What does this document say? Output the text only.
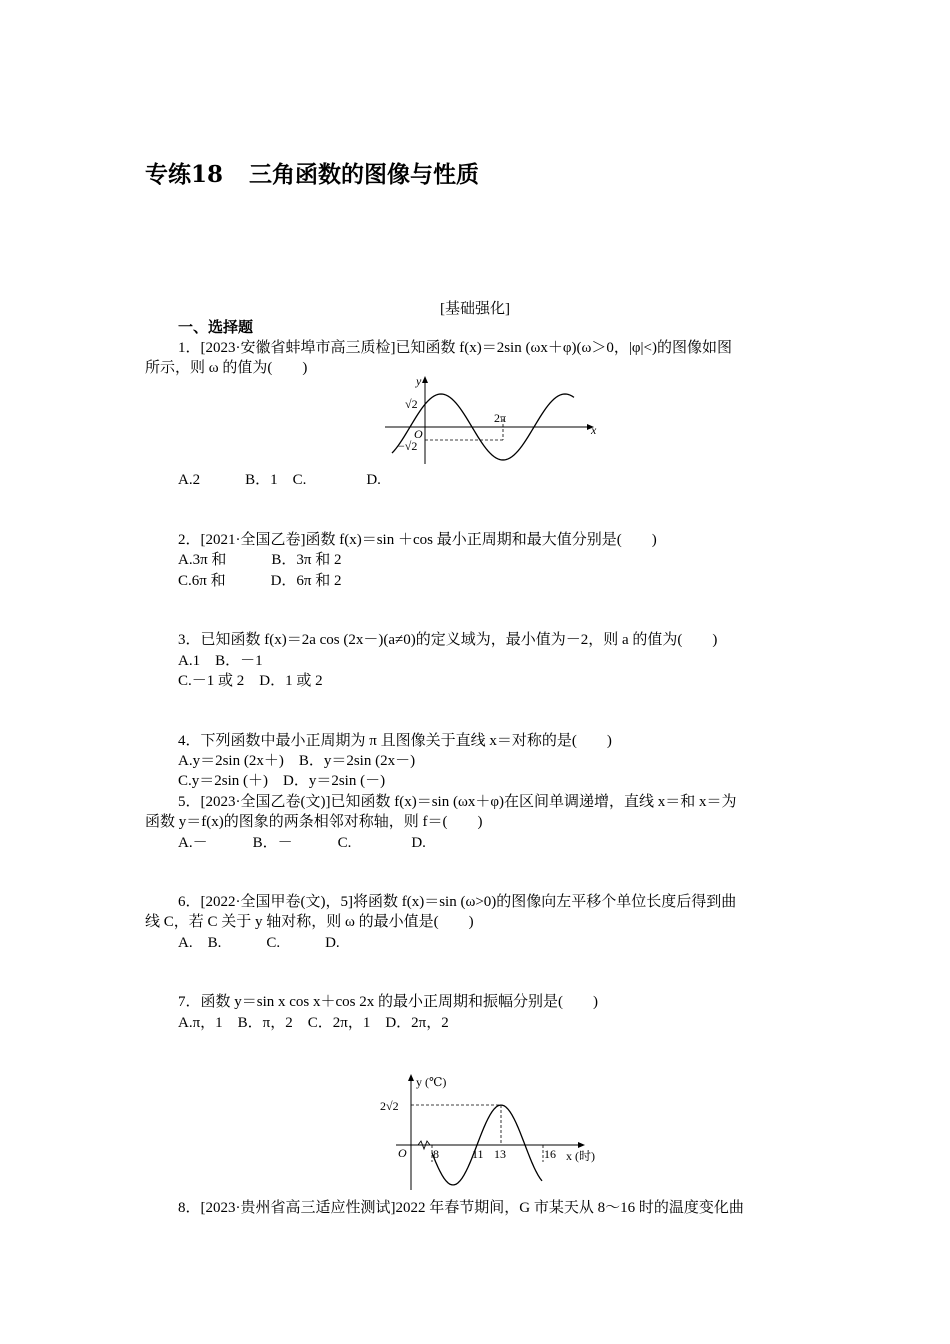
专练18 三角函数的图像与性质
[基础强化]
一、选择题
1．[2023·安徽省蚌埠市高三质检]已知函数 f(x)＝2sin (ωx＋φ)(ω＞0，|φ|<)的图像如图
所示，则 ω 的值为(　　)
y
x
O
√2
−√2
2π
A.2　　　B．1　C.　　　　D.
2．[2021·全国乙卷]函数 f(x)＝sin ＋cos 最小正周期和最大值分别是(　　)
A.3π 和　　　B．3π 和 2
C.6π 和　　　D．6π 和 2
3．已知函数 f(x)＝2a cos (2x－)(a≠0)的定义域为，最小值为－2，则 a 的值为(　　)
A.1　B．－1
C.－1 或 2　D．1 或 2
4．下列函数中最小正周期为 π 且图像关于直线 x＝对称的是(　　)
A.y＝2sin (2x＋)　B．y＝2sin (2x－)
C.y＝2sin (＋)　D．y＝2sin (－)
5．[2023·全国乙卷(文)]已知函数 f(x)＝sin (ωx＋φ)在区间单调递增，直线 x＝和 x＝为
函数 y＝f(x)的图象的两条相邻对称轴，则 f＝(　　)
A.－　　　B．－　　　C.　　　　D.
6．[2022·全国甲卷(文)，5]将函数 f(x)＝sin (ω>0)的图像向左平移个单位长度后得到曲
线 C，若 C 关于 y 轴对称，则 ω 的最小值是(　　)
A.　B.　　　C.　　　D.
7．函数 y＝sin x cos x＋cos 2x 的最小正周期和振幅分别是(　　)
A.π，1　B．π，2　C．2π，1　D．2π，2
y (℃)
x (时)
O
2√2
8	11 13	16
8．[2023·贵州省高三适应性测试]2022 年春节期间，G 市某天从 8～16 时的温度变化曲
